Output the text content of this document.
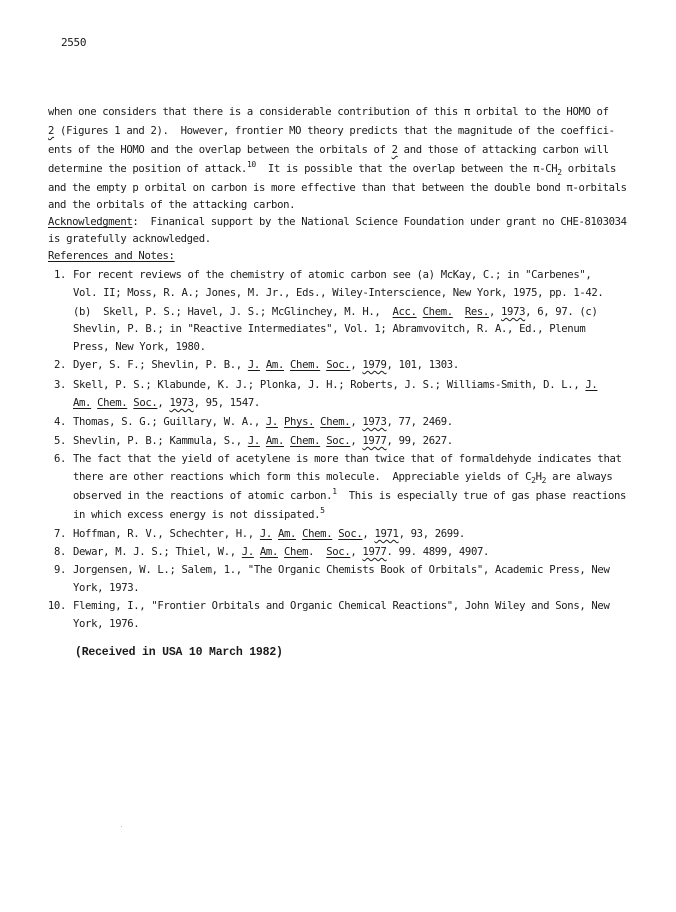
2550
when one considers that there is a considerable contribution of this π orbital to the HOMO of
2 (Figures 1 and 2).  However, frontier MO theory predicts that the magnitude of the coeffici-
ents of the HOMO and the overlap between the orbitals of 2 and those of attacking carbon will
determine the position of attack.$^{10}$  It is possible that the overlap between the $\pi-CH_2$ orbitals
and the empty p orbital on carbon is more effective than that between the double bond π-orbitals
and the orbitals of the attacking carbon.
Acknowledgment:  Finanical support by the National Science Foundation under grant no CHE-8103034
is gratefully acknowledged.
References and Notes:
1. For recent reviews of the chemistry of atomic carbon see (a) McKay, C.; in "Carbenes",
Vol. II; Moss, R. A.; Jones, M. Jr., Eds., Wiley-Interscience, New York, 1975, pp. 1-42.
(b)  Skell, P. S.; Havel, J. S.; McGlinchey, M. H.,  Acc. Chem. Res., 1973, 6, 97. (c)
Shevlin, P. B.; in "Reactive Intermediates", Vol. 1; Abramvovitch, R. A., Ed., Plenum
Press, New York, 1980.
2. Dyer, S. F.; Shevlin, P. B., J. Am. Chem. Soc., 1979, 101, 1303.
3. Skell, P. S.; Klabunde, K. J.; Plonka, J. H.; Roberts, J. S.; Williams-Smith, D. L., J.
Am. Chem. Soc., 1973, 95, 1547.
4. Thomas, S. G.; Guillary, W. A., J. Phys. Chem., 1973, 77, 2469.
5. Shevlin, P. B.; Kammula, S., J. Am. Chem. Soc., 1977, 99, 2627.
6. The fact that the yield of acetylene is more than twice that of formaldehyde indicates that
there are other reactions which form this molecule.  Appreciable yields of $C_2H_2$ are always
observed in the reactions of atomic carbon.$^1$  This is especially true of gas phase reactions
in which excess energy is not dissipated.$^5$
7. Hoffman, R. V., Schechter, H., J. Am. Chem. Soc., 1971, 93, 2699.
8. Dewar, M. J. S.; Thiel, W., J. Am. Chem.  Soc., 1977. 99. 4899, 4907.
9. Jorgensen, W. L.; Salem, 1., "The Organic Chemists Book of Orbitals", Academic Press, New
York, 1973.
10. Fleming, I., "Frontier Orbitals and Organic Chemical Reactions", John Wiley and Sons, New
York, 1976.
(Received in USA 10 March 1982)
